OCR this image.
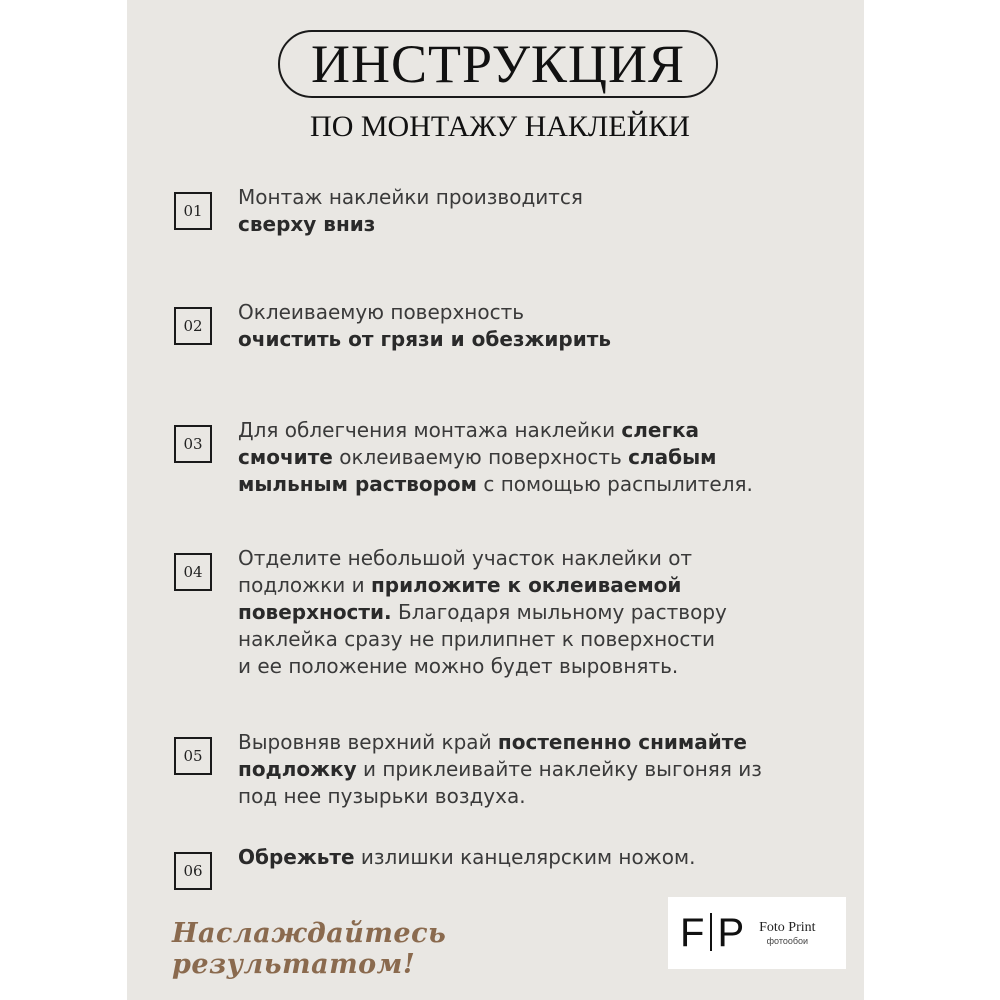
ИНСТРУКЦИЯ
ПО МОНТАЖУ НАКЛЕЙКИ
01
Монтаж наклейки производится
сверху вниз
02
Оклеиваемую поверхность
очистить от грязи и обезжирить
03
Для облегчения монтажа наклейки слегка
смочите оклеиваемую поверхность слабым
мыльным раствором с помощью распылителя.
04
Отделите небольшой участок наклейки от
подложки и приложите к оклеиваемой
поверхности. Благодаря мыльному раствору
наклейка сразу не прилипнет к поверхности
и ее положение можно будет выровнять.
05
Выровняв верхний край постепенно снимайте
подложку и приклеивайте наклейку выгоняя из
под нее пузырьки воздуха.
06
Обрежьте излишки канцелярским ножом.
Наслаждайтесь результатом!
F P Foto Print
фотообои
